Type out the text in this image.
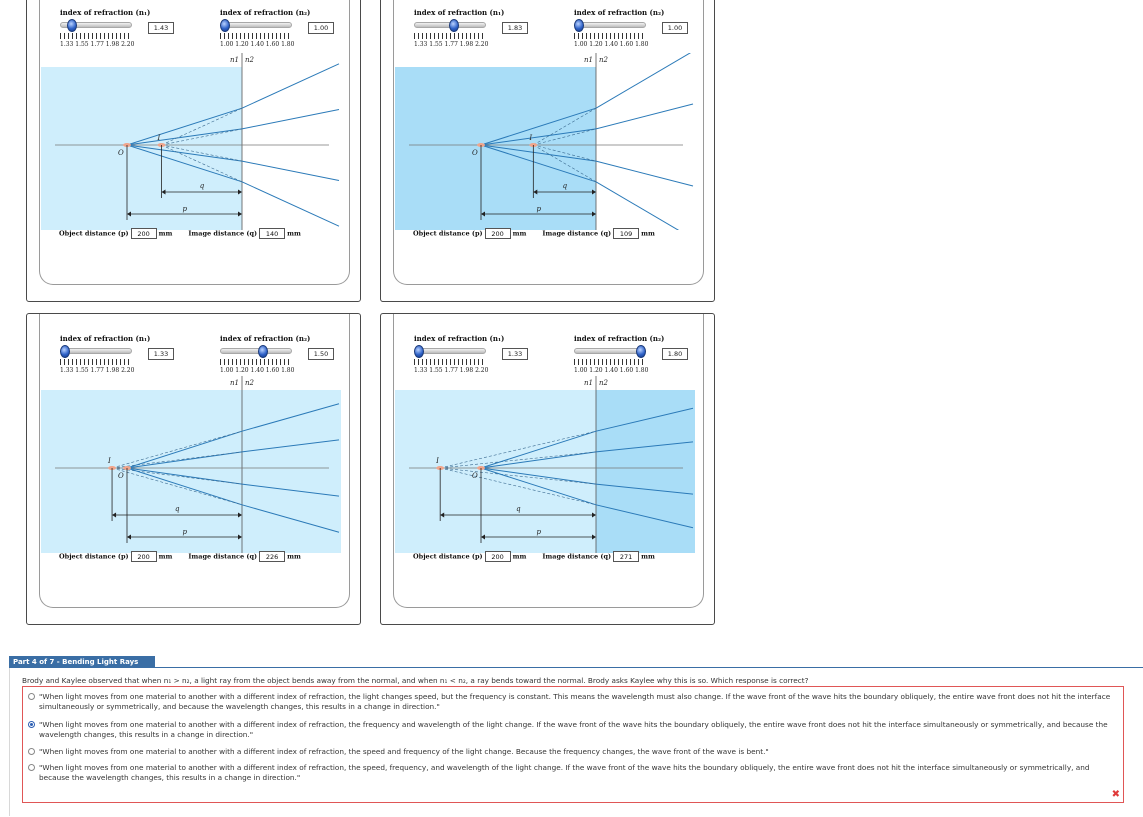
index of refraction (n₁)
1.33 1.55 1.77 1.98 2.20
1.43
index of refraction (n₂)
1.00 1.20 1.40 1.60 1.80
1.00
n1 n2
O
I
q
p
Object distance (p) 200 mm Image distance (q) 140 mm
index of refraction (n₁)
1.33 1.55 1.77 1.98 2.20
1.83
index of refraction (n₂)
1.00 1.20 1.40 1.60 1.80
1.00
n1 n2
O
I
q
p
Object distance (p) 200 mm Image distance (q) 109 mm
index of refraction (n₁)
1.33 1.55 1.77 1.98 2.20
1.33
index of refraction (n₂)
1.00 1.20 1.40 1.60 1.80
1.50
n1 n2
O
I
q
p
Object distance (p) 200 mm Image distance (q) 226 mm
index of refraction (n₁)
1.33 1.55 1.77 1.98 2.20
1.33
index of refraction (n₂)
1.00 1.20 1.40 1.60 1.80
1.80
n1 n2
O
I
q
p
Object distance (p) 200 mm Image distance (q) 271 mm
Part 4 of 7 - Bending Light Rays
Brody and Kaylee observed that when n₁ > n₂, a light ray from the object bends away from the normal, and when n₁ < n₂, a ray bends toward the normal. Brody asks Kaylee why this is so. Which response is correct?
"When light moves from one material to another with a different index of refraction, the light changes speed, but the frequency is constant. This means the wavelength must also change. If the wave front of the wave hits the boundary obliquely, the entire wave front does not hit the interface simultaneously or symmetrically, and because the wavelength changes, this results in a change in direction."
"When light moves from one material to another with a different index of refraction, the frequency and wavelength of the light change. If the wave front of the wave hits the boundary obliquely, the entire wave front does not hit the interface simultaneously or symmetrically, and because the wavelength changes, this results in a change in direction."
"When light moves from one material to another with a different index of refraction, the speed and frequency of the light change. Because the frequency changes, the wave front of the wave is bent."
"When light moves from one material to another with a different index of refraction, the speed, frequency, and wavelength of the light change. If the wave front of the wave hits the boundary obliquely, the entire wave front does not hit the interface simultaneously or symmetrically, and because the wavelength changes, this results in a change in direction."
✖
